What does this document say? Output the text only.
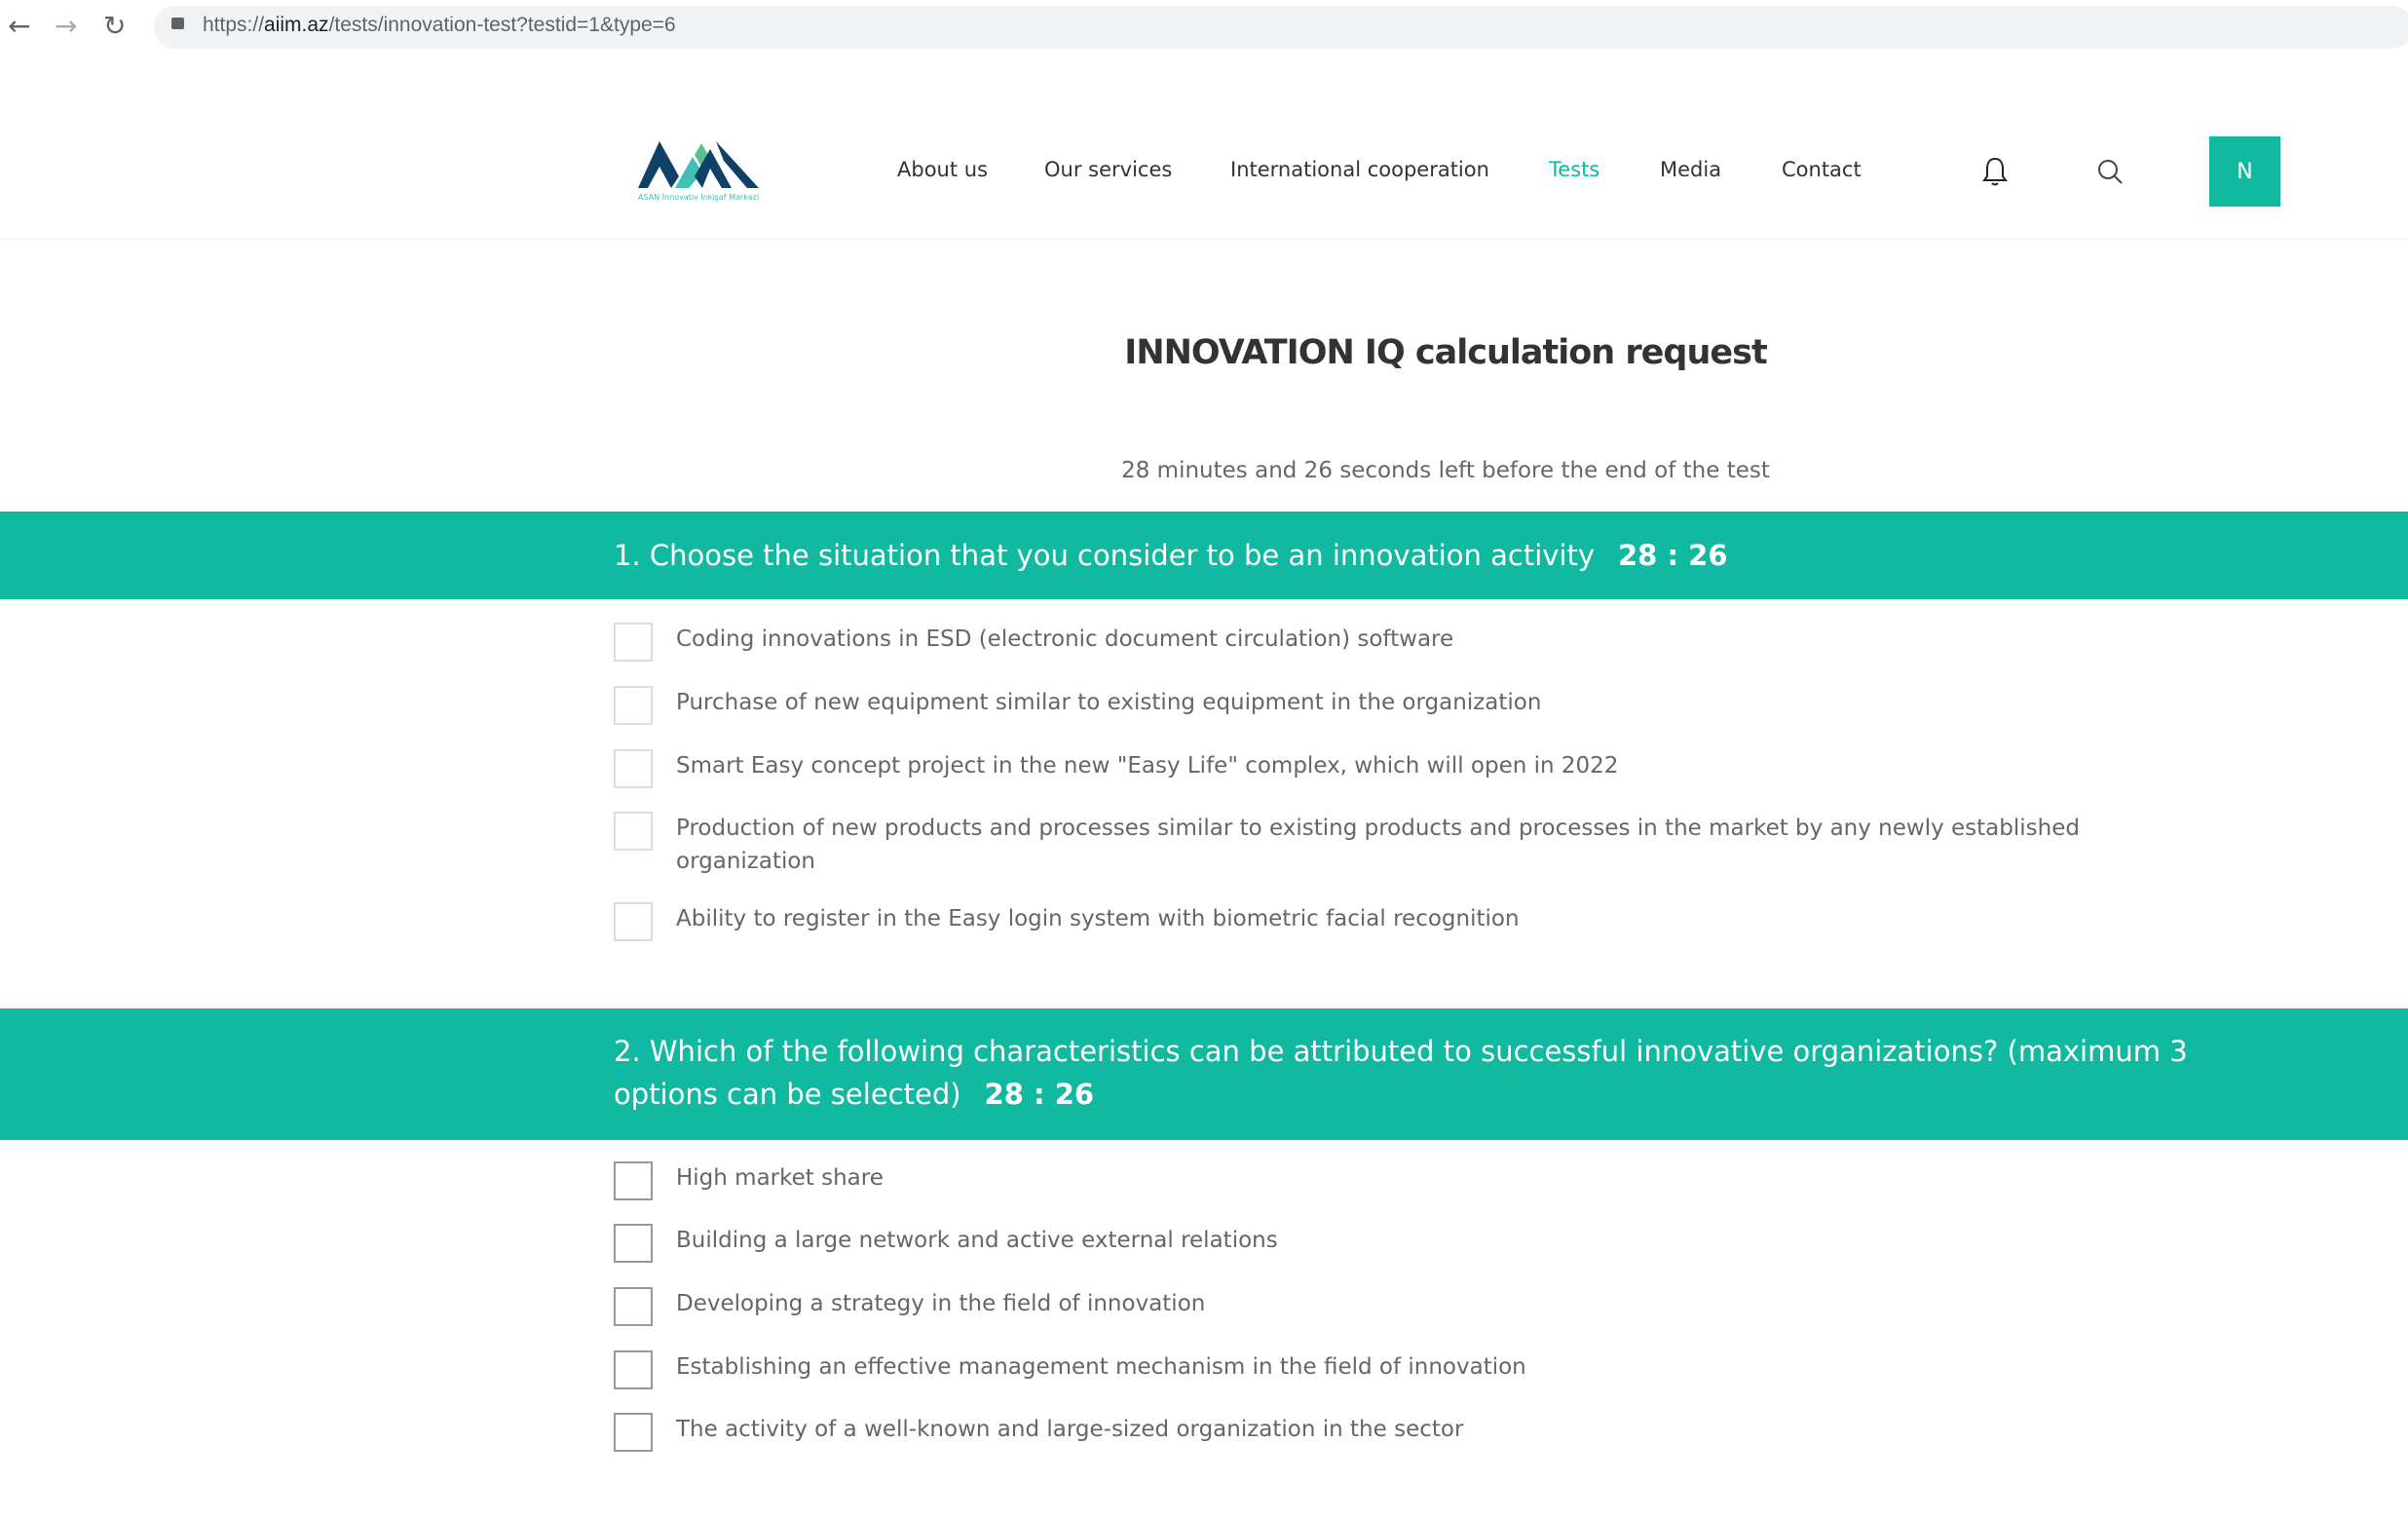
← → ↻	https://aiim.az/tests/innovation-test?testid=1&type=6
ASAN İnnovativ İnkişaf Mərkəzi
About us	Our services	International cooperation	Tests	Media	Contact	N
INNOVATION IQ calculation request
28 minutes and 26 seconds left before the end of the test
1. Choose the situation that you consider to be an innovation activity 28 : 26
Coding innovations in ESD (electronic document circulation) software
Purchase of new equipment similar to existing equipment in the organization
Smart Easy concept project in the new "Easy Life" complex, which will open in 2022
Production of new products and processes similar to existing products and processes in the market by any newly established organization
Ability to register in the Easy login system with biometric facial recognition
2. Which of the following characteristics can be attributed to successful innovative organizations? (maximum 3 options can be selected) 28 : 26
High market share
Building a large network and active external relations
Developing a strategy in the field of innovation
Establishing an effective management mechanism in the field of innovation
The activity of a well-known and large-sized organization in the sector
